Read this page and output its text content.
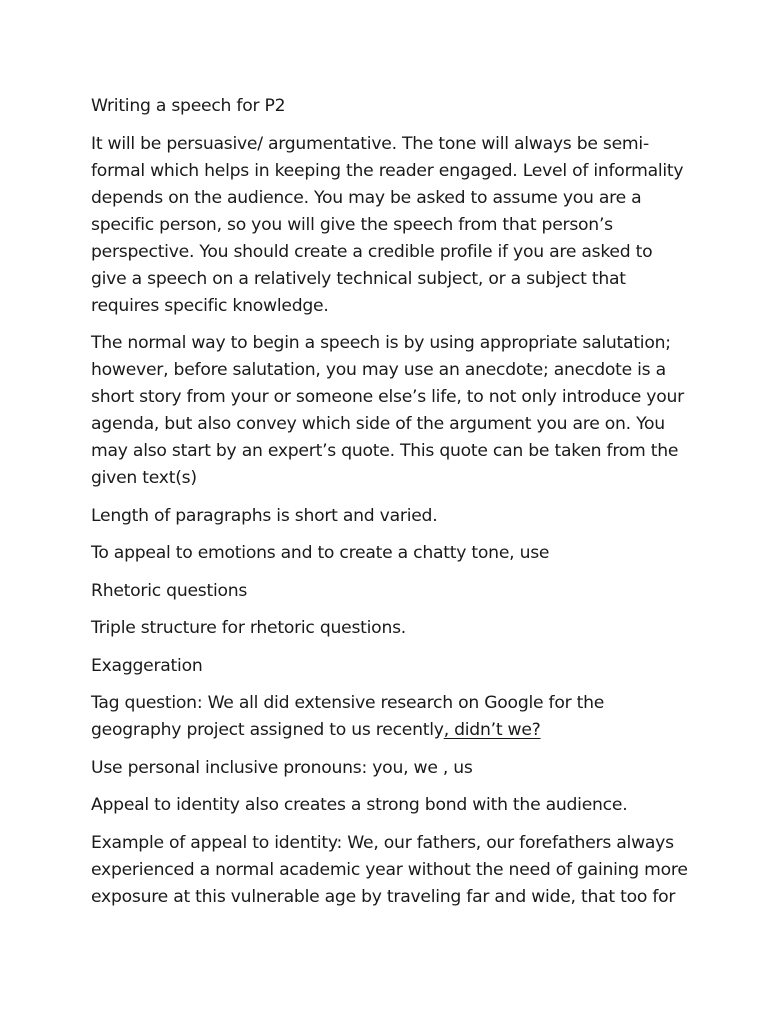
Writing a speech for P2

It will be persuasive/ argumentative. The tone will always be semi-formal which helps in keeping the reader engaged. Level of informality depends on the audience. You may be asked to assume you are a specific person, so you will give the speech from that person’s perspective. You should create a credible profile if you are asked to give a speech on a relatively technical subject, or a subject that requires specific knowledge.

The normal way to begin a speech is by using appropriate salutation; however, before salutation, you may use an anecdote; anecdote is a short story from your or someone else’s life, to not only introduce your agenda, but also convey which side of the argument you are on. You may also start by an expert’s quote. This quote can be taken from the given text(s)

Length of paragraphs is short and varied.

To appeal to emotions and to create a chatty tone, use

Rhetoric questions

Triple structure for rhetoric questions.

Exaggeration

Tag question: We all did extensive research on Google for the geography project assigned to us recently, didn’t we?

Use personal inclusive pronouns: you, we , us

Appeal to identity also creates a strong bond with the audience.

Example of appeal to identity: We, our fathers, our forefathers always experienced a normal academic year without the need of gaining more exposure at this vulnerable age by traveling far and wide, that too for
